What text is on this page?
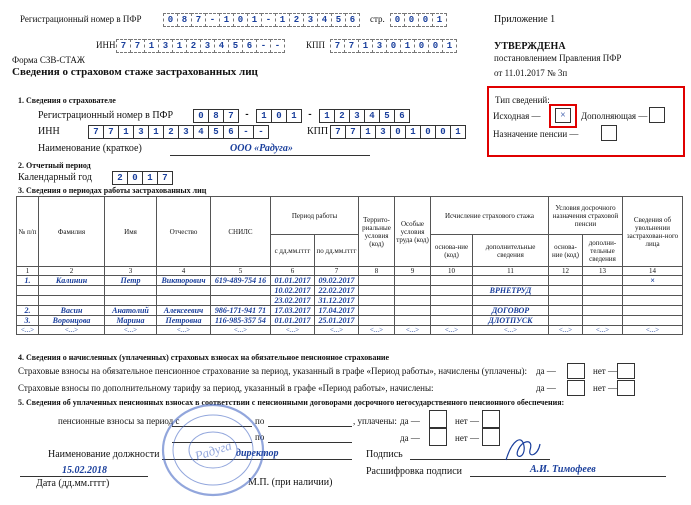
Регистрационный номер в ПФР	0 8 7 - 1 0 1 - 1 2 3 4 5 6	стр.	0 0 0 1	Приложение 1
ИНН 7 7 1 3 1 2 3 4 5 6 - -	КПП	7 7 1 3 0 1 0 0 1	УТВЕРЖДЕНА
постановлением Правления ПФР
от 11.01.2017 № 3п
Форма СЗВ-СТАЖ
Сведения о страховом стаже застрахованных лиц
Тип сведений:
Исходная —	×	Дополняющая —
Назначение пенсии —
1. Сведения о страхователе
Регистрационный номер в ПФР	0	8	7	-	1	0	1	-	1	2	3	4	5	6
ИНН	7	7	1	3	1	2	3	4	5	6	-	-	КПП 7	7	1	3	0	1	0	0	1
Наименование (краткое)	ООО «Радуга»
2. Отчетный период
Календарный год	2	0	1	7
3. Сведения о периодах работы застрахованных лиц
№ п/п	Фамилия	Имя	Отчество	СНИЛС	Период работы		Террито-риальные условия (код)	Особые условия труда (код)	Исчисление страхового стажа		Условия досрочного назначения страховой пенсии		Сведения об увольнении застрахован-ного лица
					с дд.мм.гггг	по дд.мм.гггг			основа-ние (код)	дополнительные сведения	основа-ние (код)	дополни-тельные сведения	
1	2	3	4	5	6	7	8	9	10	11	12	13	14
1.	Калинин	Петр	Викторович	619-489-754 16	01.01.2017	09.02.2017							×
					10.02.2017	22.02.2017				ВРНЕТРУД			
					23.02.2017	31.12.2017							
2.	Васин	Анатолий	Алексеевич	986-171-941 71	17.03.2017	17.04.2017				ДОГОВОР			
3.	Воронцова	Марина	Петровна	116-985-357 54	01.01.2017	25.01.2017				ДЛОТПУСК			
<...>	<...>	<...>	<...>	<...>	<...>	<...>	<...>	<...>	<...>	<...>	<...>	<...>	<...>
4. Сведения о начисленных (уплаченных) страховых взносах на обязательное пенсионное страхование
Страховые взносы на обязательное пенсионное страхование за период, указанный в графе «Период работы», начислены (уплачены): да —	нет —
Страховые взносы по дополнительному тарифу за период, указанный в графе «Период работы», начислены:	да —	нет —
5. Сведения об уплаченных пенсионных взносах в соответствии с пенсионными договорами досрочного негосударственного пенсионного обеспечения:
пенсионные взносы за период с	по	, уплачены: да —	нет —
по	да —	нет —
Наименование должности	директор	Подпись
Расшифровка подписи	А.И. Тимофеев
15.02.2018
Дата (дд.мм.гггг)	М.П. (при наличии)
Радуга
